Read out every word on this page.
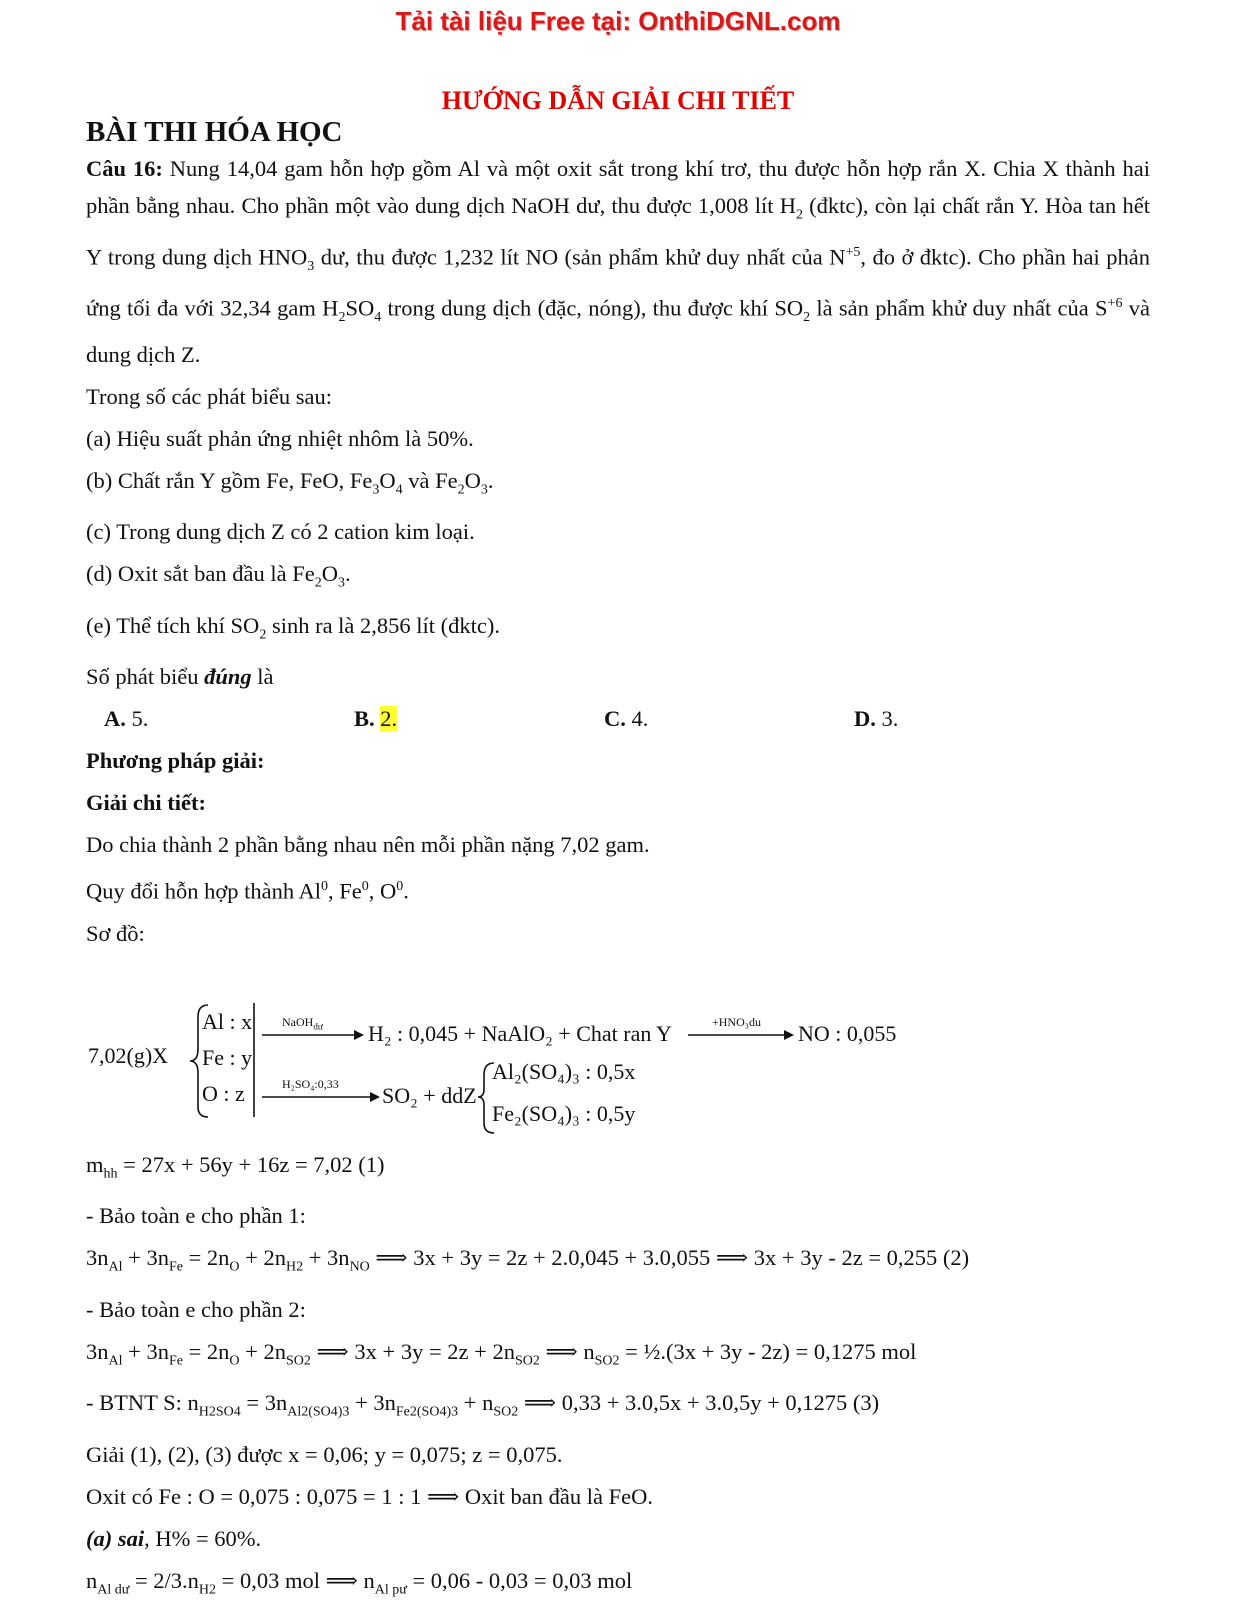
Tải tài liệu Free tại: OnthiDGNL.com
HƯỚNG DẪN GIẢI CHI TIẾT
BÀI THI HÓA HỌC

Câu 16: Nung 14,04 gam hỗn hợp gồm Al và một oxit sắt trong khí trơ, thu được hỗn hợp rắn X. Chia X thành hai phần bằng nhau. Cho phần một vào dung dịch NaOH dư, thu được 1,008 lít $H_2$ (đktc), còn lại chất rắn Y. Hòa tan hết Y trong dung dịch $HNO_3$ dư, thu được 1,232 lít NO (sản phẩm khử duy nhất của $N^{+5}$, đo ở đktc). Cho phần hai phản ứng tối đa với 32,34 gam $H_2SO_4$ trong dung dịch (đặc, nóng), thu được khí $SO_2$ là sản phẩm khử duy nhất của $S^{+6}$ và dung dịch Z.

Trong số các phát biểu sau:

(a) Hiệu suất phản ứng nhiệt nhôm là 50%.

(b) Chất rắn Y gồm Fe, FeO, $Fe_3O_4$ và $Fe_2O_3$.

(c) Trong dung dịch Z có 2 cation kim loại.

(d) Oxit sắt ban đầu là $Fe_2O_3$.

(e) Thể tích khí $SO_2$ sinh ra là 2,856 lít (đktc).

Số phát biểu đúng là

A. 5.	B. 2.	C. 4.	D. 3.

Phương pháp giải:

Giải chi tiết:

Do chia thành 2 phần bằng nhau nên mỗi phần nặng 7,02 gam.

Quy đổi hỗn hợp thành Al$^0$, Fe$^0$, $O^0$.

Sơ đồ:

7,02(g)X
Al : x
Fe : y
O : z
NaOH$_{dư}$ H₂ : 0,045 + NaAlO₂ + Chat ran Y	+HNO₃du NO : 0,055
H₂SO₄:0,33 SO₂ + ddZ
Al₂(SO₄)₃ : 0,5x
Fe₂(SO₄)₃ : 0,5y

$m_{hh} = 27x + 56y + 16z = 7,02$ (1)

- Bảo toàn e cho phần 1:

$3n_{Al} + 3n_{Fe} = 2n_O + 2n_{H2} + 3n_{NO}$ ⟹ 3x + 3y = 2z + 2.0,045 + 3.0,055 ⟹ 3x + 3y - 2z = 0,255 (2)

- Bảo toàn e cho phần 2:

$3n_{Al} + 3n_{Fe} = 2n_O + 2n_{SO2}$ ⟹ $3x + 3y = 2z + 2n_{SO2}$ ⟹ $n_{SO2}$ = ½.(3x + 3y - 2z) = 0,1275 mol

- BTNT S: $n_{H2SO4} = 3n_{Al2(SO4)3} + 3n_{Fe2(SO4)3} + n_{SO2}$ ⟹ 0,33 + 3.0,5x + 3.0,5y + 0,1275 (3)

Giải (1), (2), (3) được x = 0,06; y = 0,075; z = 0,075.

Oxit có Fe : O = 0,075 : 0,075 = 1 : 1 ⟹ Oxit ban đầu là FeO.

(a) sai, H% = 60%.

$n_{Al dư} = 2/3.n_{H2} = 0,03$ mol ⟹ $n_{Al pư} = 0,06 - 0,03 = 0,03$ mol
